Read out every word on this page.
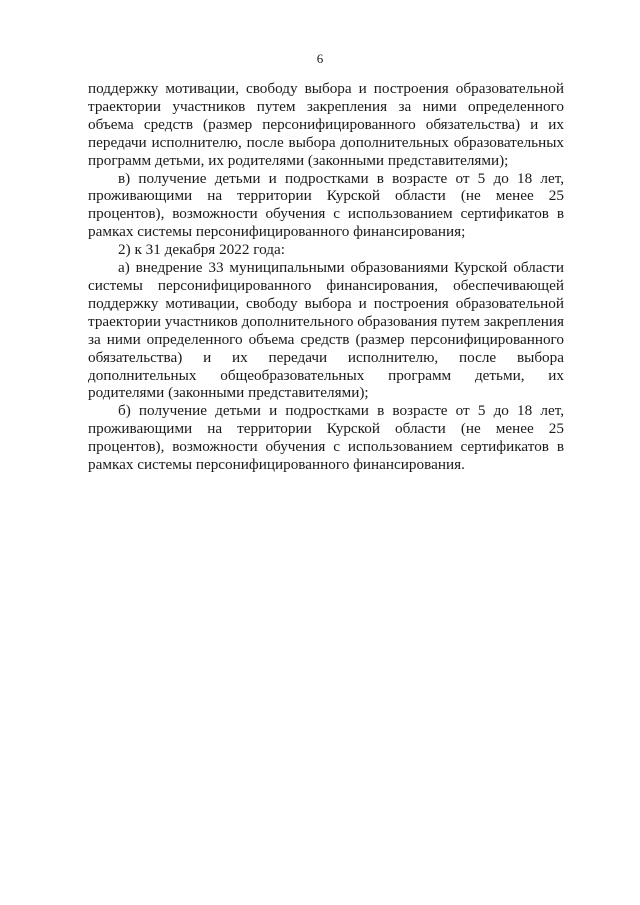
6

поддержку мотивации, свободу выбора и построения образовательной траектории участников путем закрепления за ними определенного объема средств (размер персонифицированного обязательства) и их передачи исполнителю, после выбора дополнительных образовательных программ детьми, их родителями (законными представителями);

в) получение детьми и подростками в возрасте от 5 до 18 лет, проживающими на территории Курской области (не менее 25 процентов), возможности обучения с использованием сертификатов в рамках системы персонифицированного финансирования;

2) к 31 декабря 2022 года:

а) внедрение 33 муниципальными образованиями Курской области системы персонифицированного финансирования, обеспечивающей поддержку мотивации, свободу выбора и построения образовательной траектории участников дополнительного образования путем закрепления за ними определенного объема средств (размер персонифицированного обязательства) и их передачи исполнителю, после выбора дополнительных общеобразовательных программ детьми, их родителями (законными представителями);

б) получение детьми и подростками в возрасте от 5 до 18 лет, проживающими на территории Курской области (не менее 25 процентов), возможности обучения с использованием сертификатов в рамках системы персонифицированного финансирования.
